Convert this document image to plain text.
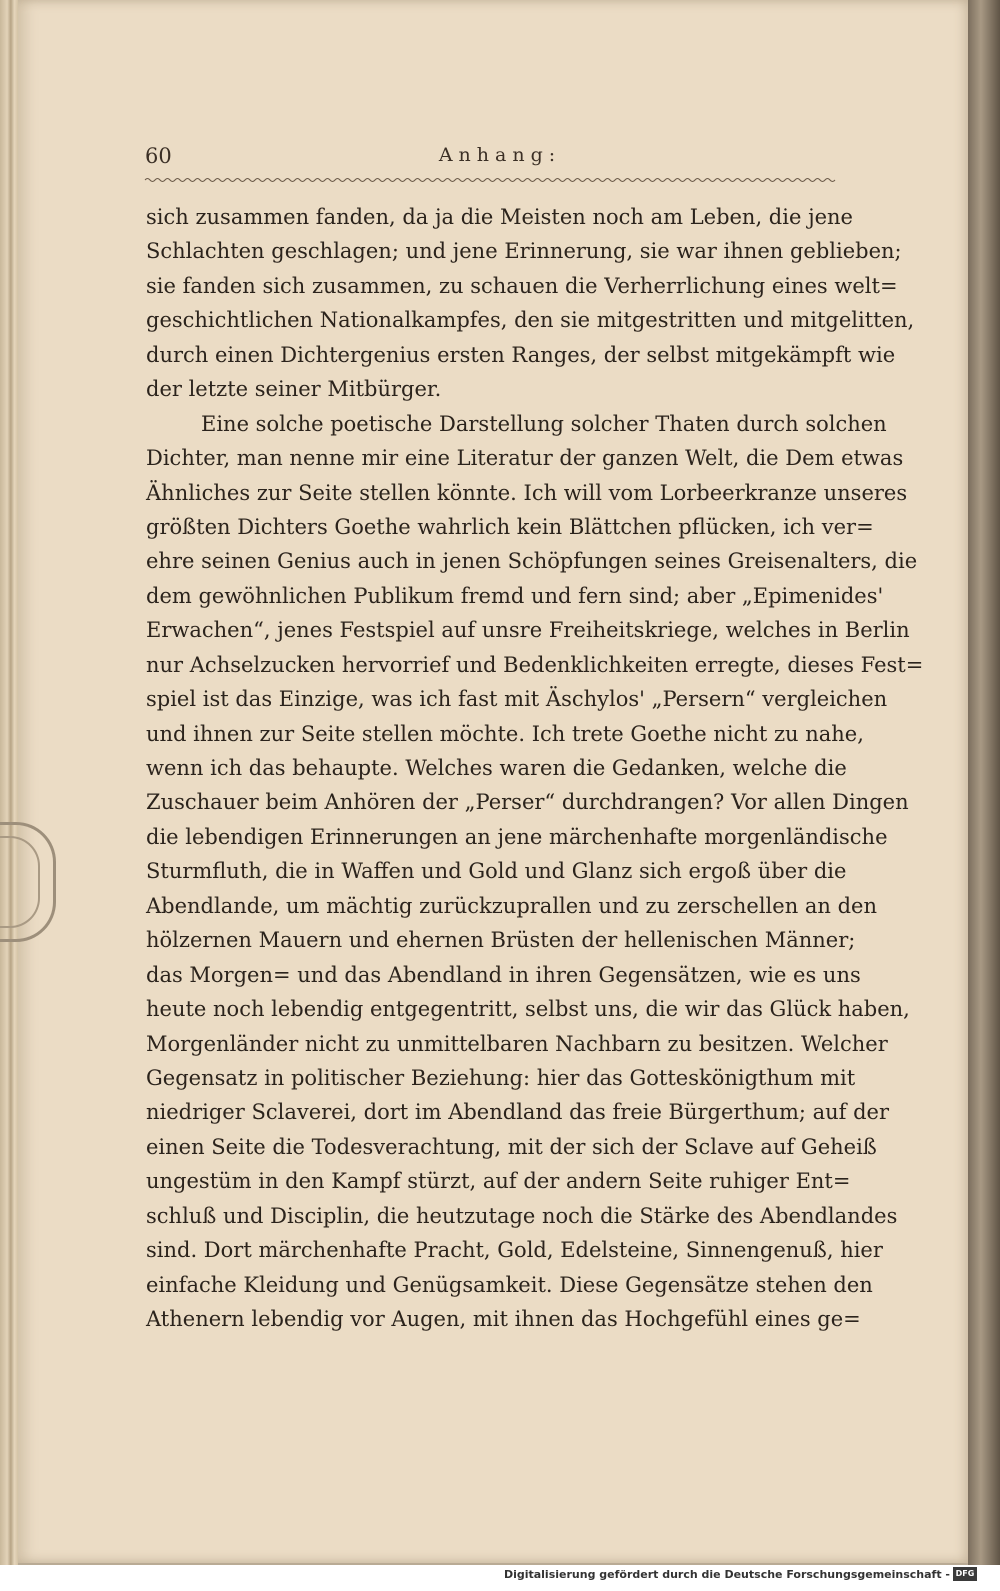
60	Anhang:
sich zusammen fanden, da ja die Meisten noch am Leben, die jene
Schlachten geschlagen; und jene Erinnerung, sie war ihnen geblieben;
sie fanden sich zusammen, zu schauen die Verherrlichung eines welt=
geschichtlichen Nationalkampfes, den sie mitgestritten und mitgelitten,
durch einen Dichtergenius ersten Ranges, der selbst mitgekämpft wie
der letzte seiner Mitbürger.
Eine solche poetische Darstellung solcher Thaten durch solchen
Dichter, man nenne mir eine Literatur der ganzen Welt, die Dem etwas
Ähnliches zur Seite stellen könnte. Ich will vom Lorbeerkranze unseres
größten Dichters Goethe wahrlich kein Blättchen pflücken, ich ver=
ehre seinen Genius auch in jenen Schöpfungen seines Greisenalters, die
dem gewöhnlichen Publikum fremd und fern sind; aber „Epimenides'
Erwachen“, jenes Festspiel auf unsre Freiheitskriege, welches in Berlin
nur Achselzucken hervorrief und Bedenklichkeiten erregte, dieses Fest=
spiel ist das Einzige, was ich fast mit Äschylos' „Persern“ vergleichen
und ihnen zur Seite stellen möchte. Ich trete Goethe nicht zu nahe,
wenn ich das behaupte. Welches waren die Gedanken, welche die
Zuschauer beim Anhören der „Perser“ durchdrangen? Vor allen Dingen
die lebendigen Erinnerungen an jene märchenhafte morgenländische
Sturmfluth, die in Waffen und Gold und Glanz sich ergoß über die
Abendlande, um mächtig zurückzuprallen und zu zerschellen an den
hölzernen Mauern und ehernen Brüsten der hellenischen Männer;
das Morgen= und das Abendland in ihren Gegensätzen, wie es uns
heute noch lebendig entgegentritt, selbst uns, die wir das Glück haben,
Morgenländer nicht zu unmittelbaren Nachbarn zu besitzen. Welcher
Gegensatz in politischer Beziehung: hier das Gotteskönigthum mit
niedriger Sclaverei, dort im Abendland das freie Bürgerthum; auf der
einen Seite die Todesverachtung, mit der sich der Sclave auf Geheiß
ungestüm in den Kampf stürzt, auf der andern Seite ruhiger Ent=
schluß und Disciplin, die heutzutage noch die Stärke des Abendlandes
sind. Dort märchenhafte Pracht, Gold, Edelsteine, Sinnengenuß, hier
einfache Kleidung und Genügsamkeit. Diese Gegensätze stehen den
Athenern lebendig vor Augen, mit ihnen das Hochgefühl eines ge=
Digitalisierung gefördert durch die Deutsche Forschungsgemeinschaft - DFG
